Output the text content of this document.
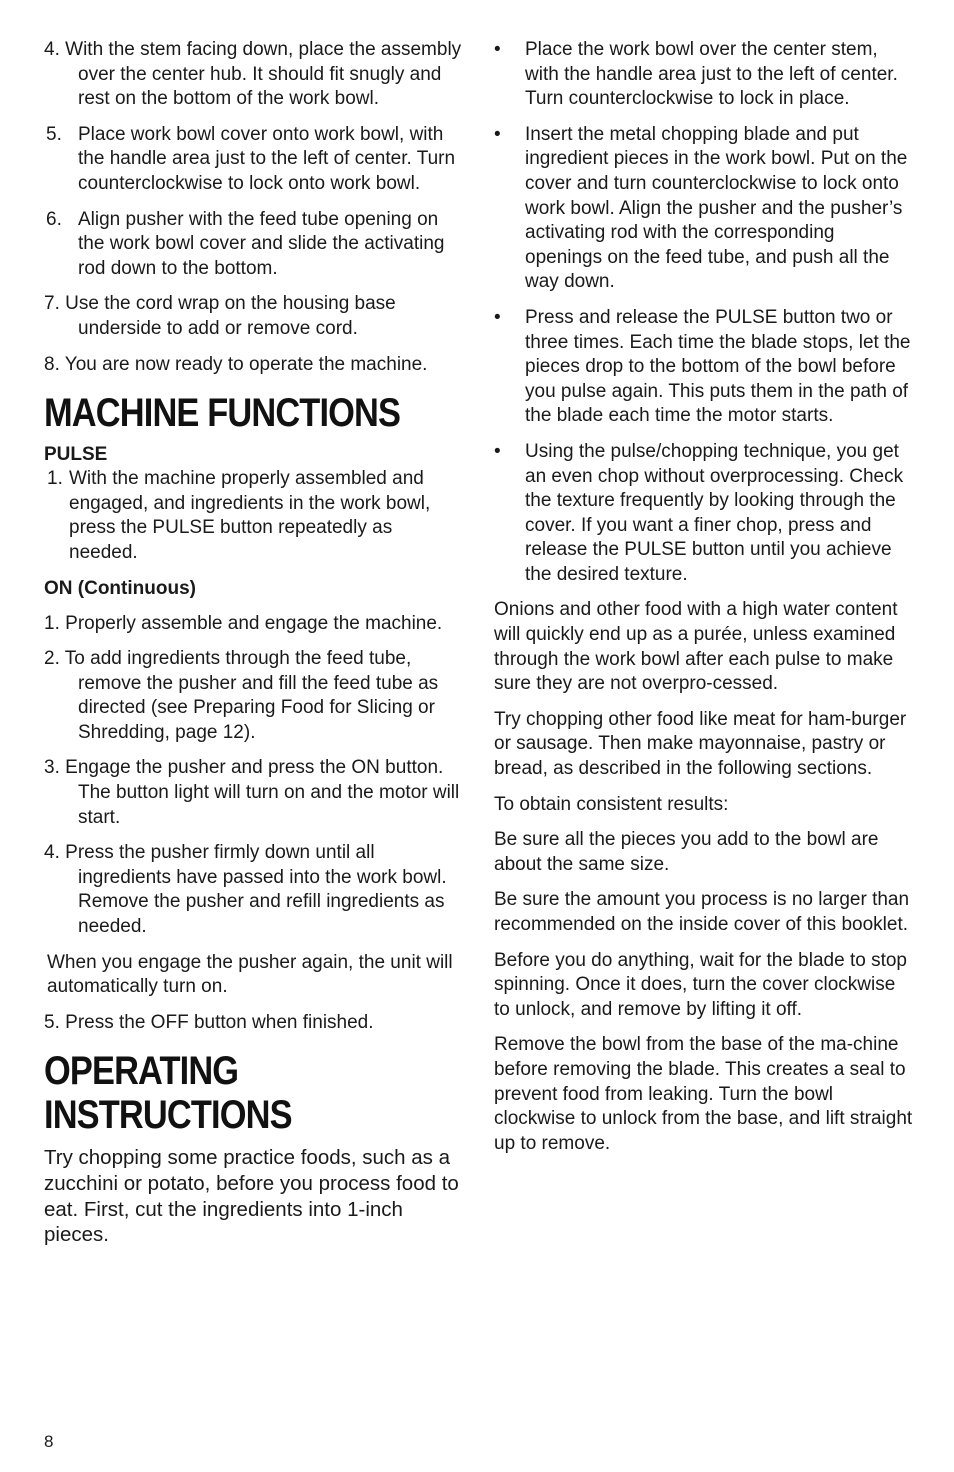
4. With the stem facing down, place the assembly over the center hub. It should fit snugly and rest on the bottom of the work bowl.
5. Place work bowl cover onto work bowl, with the handle area just to the left of center. Turn counterclockwise to lock onto work bowl.
6. Align pusher with the feed tube opening on the work bowl cover and slide the activating rod down to the bottom.
7. Use the cord wrap on the housing base underside to add or remove cord.
8. You are now ready to operate the machine.
MACHINE FUNCTIONS
PULSE
1. With the machine properly assembled and engaged, and ingredients in the work bowl, press the PULSE button repeatedly as needed.
ON (Continuous)
1. Properly assemble and engage the machine.
2. To add ingredients through the feed tube, remove the pusher and fill the feed tube as directed (see Preparing Food for Slicing or Shredding, page 12).
3. Engage the pusher and press the ON button. The button light will turn on and the motor will start.
4. Press the pusher firmly down until all ingredients have passed into the work bowl. Remove the pusher and refill ingredients as needed.

When you engage the pusher again, the unit will automatically turn on.

5. Press the OFF button when finished.
OPERATING
INSTRUCTIONS

Try chopping some practice foods, such as a zucchini or potato, before you process food to eat. First, cut the ingredients into 1-inch pieces.

• Place the work bowl over the center stem, with the handle area just to the left of center. Turn counterclockwise to lock in place.
• Insert the metal chopping blade and put ingredient pieces in the work bowl. Put on the cover and turn counterclockwise to lock onto work bowl. Align the pusher and the pusher’s activating rod with the corresponding openings on the feed tube, and push all the way down.
• Press and release the PULSE button two or three times. Each time the blade stops, let the pieces drop to the bottom of the bowl before you pulse again. This puts them in the path of the blade each time the motor starts.
• Using the pulse/chopping technique, you get an even chop without overprocessing. Check the texture frequently by looking through the cover. If you want a finer chop, press and release the PULSE button until you achieve the desired texture.

Onions and other food with a high water content will quickly end up as a purée, unless examined through the work bowl after each pulse to make sure they are not overpro-cessed.

Try chopping other food like meat for ham-burger or sausage. Then make mayonnaise, pastry or bread, as described in the following sections.

To obtain consistent results:

Be sure all the pieces you add to the bowl are about the same size.

Be sure the amount you process is no larger than recommended on the inside cover of this booklet.

Before you do anything, wait for the blade to stop spinning. Once it does, turn the cover clockwise to unlock, and remove by lifting it off.

Remove the bowl from the base of the ma-chine before removing the blade. This creates a seal to prevent food from leaking. Turn the bowl clockwise to unlock from the base, and lift straight up to remove.

8
